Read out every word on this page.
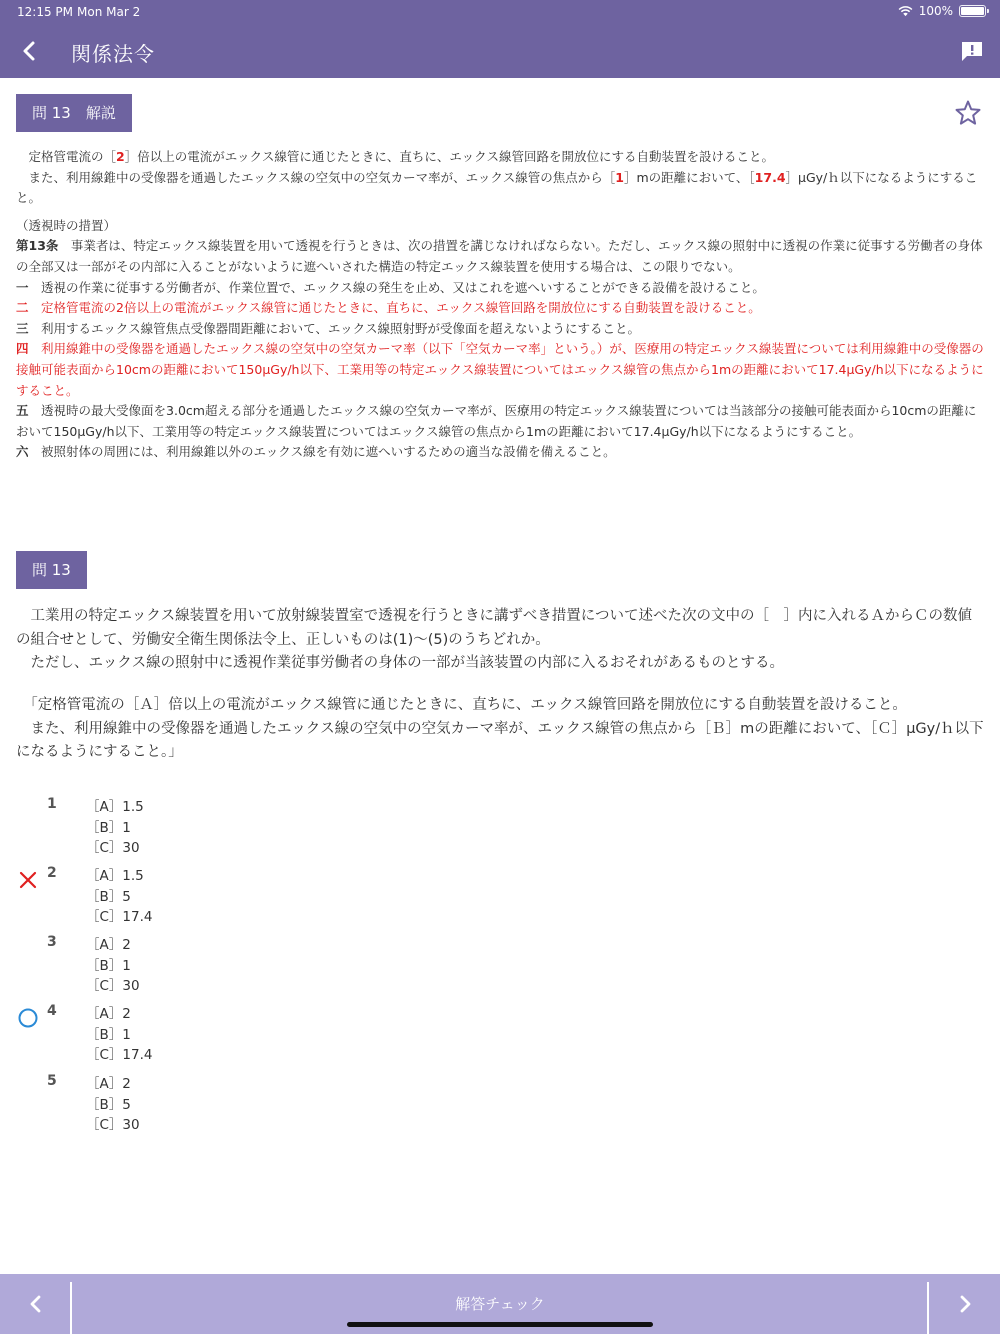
12:15 PM Mon Mar 2	100%
関係法令
問 13　解説

　定格管電流の［2］倍以上の電流がエックス線管に通じたときに、直ちに、エックス線管回路を開放位にする自動装置を設けること。

　また、利用線錐中の受像器を通過したエックス線の空気中の空気カーマ率が、エックス線管の焦点から［1］mの距離において、［17.4］μGy/ｈ以下になるようにすること。

（透視時の措置）

第13条　 事業者は、特定エックス線装置を用いて透視を行うときは、次の措置を講じなければならない。ただし、エックス線の照射中に透視の作業に従事する労働者の身体の全部又は一部がその内部に入ることがないように遮へいされた構造の特定エックス線装置を使用する場合は、この限りでない。

一　 透視の作業に従事する労働者が、作業位置で、エックス線の発生を止め、又はこれを遮へいすることができる設備を設けること。

二　 定格管電流の2倍以上の電流がエックス線管に通じたときに、直ちに、エックス線管回路を開放位にする自動装置を設けること。

三　 利用するエックス線管焦点受像器間距離において、エックス線照射野が受像面を超えないようにすること。

四　 利用線錐中の受像器を通過したエックス線の空気中の空気カーマ率（以下「空気カーマ率」という。）が、医療用の特定エックス線装置については利用線錐中の受像器の接触可能表面から10cmの距離において150μGy/h以下、工業用等の特定エックス線装置についてはエックス線管の焦点から1mの距離において17.4μGy/h以下になるようにすること。

五　 透視時の最大受像面を3.0cm超える部分を通過したエックス線の空気カーマ率が、医療用の特定エックス線装置については当該部分の接触可能表面から10cmの距離において150μGy/h以下、工業用等の特定エックス線装置についてはエックス線管の焦点から1mの距離において17.4μGy/h以下になるようにすること。

六　 被照射体の周囲には、利用線錐以外のエックス線を有効に遮へいするための適当な設備を備えること。

問 13

　工業用の特定エックス線装置を用いて放射線装置室で透視を行うときに講ずべき措置について述べた次の文中の［　］内に入れるＡからＣの数値の組合せとして、労働安全衛生関係法令上、正しいものは(1)～(5)のうちどれか。

　ただし、エックス線の照射中に透視作業従事労働者の身体の一部が当該装置の内部に入るおそれがあるものとする。

　「定格管電流の［Ａ］倍以上の電流がエックス線管に通じたときに、直ちに、エックス線管回路を開放位にする自動装置を設けること。

　また、利用線錐中の受像器を通過したエックス線の空気中の空気カーマ率が、エックス線管の焦点から［Ｂ］mの距離において、［Ｃ］μGy/ｈ以下になるようにすること。」

1 ［A］1.5
［B］1
［C］30
2 ［A］1.5
［B］5
［C］17.4
3 ［A］2
［B］1
［C］30
4 ［A］2
［B］1
［C］17.4
5 ［A］2
［B］5
［C］30
解答チェック
